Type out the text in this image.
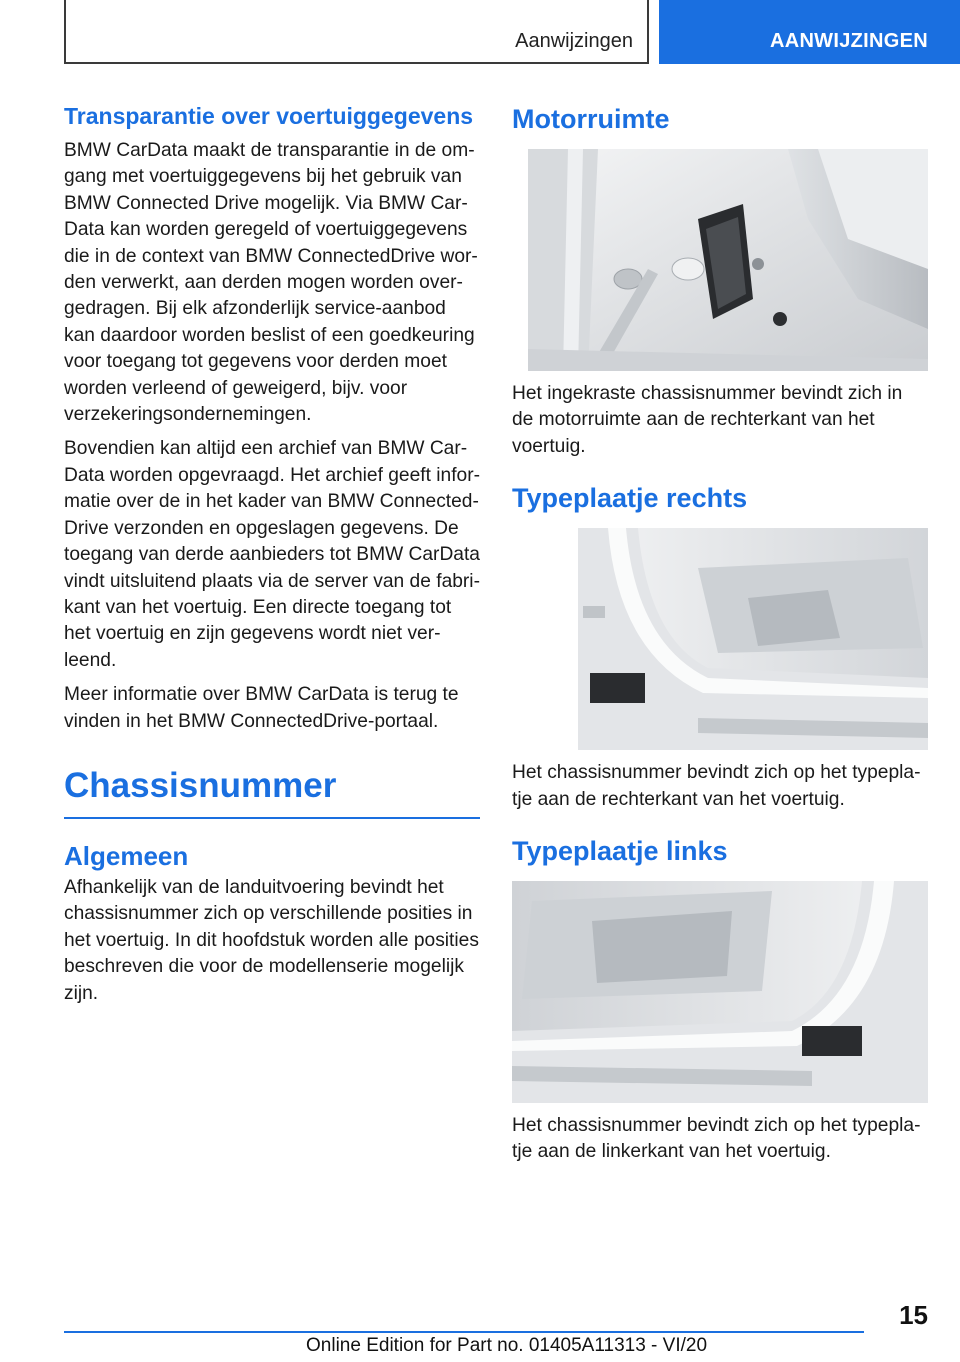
Aanwijzingen	AANWIJZINGEN
Transparantie over voertuiggegevens

BMW CarData maakt de transparantie in de omgang met voertuiggegevens bij het gebruik van BMW Connected Drive mogelijk. Via BMW CarData kan worden geregeld of voertuiggegevens die in de context van BMW ConnectedDrive worden verwerkt, aan derden mogen worden overgedragen. Bij elk afzonderlijk service-aanbod kan daardoor worden beslist of een goedkeuring voor toegang tot gegevens voor derden moet worden verleend of geweigerd, bijv. voor verzekeringsondernemingen.

Bovendien kan altijd een archief van BMW CarData worden opgevraagd. Het archief geeft informatie over de in het kader van BMW ConnectedDrive verzonden en opgeslagen gegevens. De toegang van derde aanbieders tot BMW CarData vindt uitsluitend plaats via de server van de fabrikant van het voertuig. Een directe toegang tot het voertuig en zijn gegevens wordt niet verleend.

Meer informatie over BMW CarData is terug te vinden in het BMW ConnectedDrive-portaal.

Chassisnummer
Algemeen

Afhankelijk van de landuitvoering bevindt het chassisnummer zich op verschillende posities in het voertuig. In dit hoofdstuk worden alle posities beschreven die voor de modellenserie mogelijk zijn.

Motorruimte

Het ingekraste chassisnummer bevindt zich in de motorruimte aan de rechterkant van het voertuig.

Typeplaatje rechts

Het chassisnummer bevindt zich op het typeplatje aan de rechterkant van het voertuig.

Typeplaatje links

Het chassisnummer bevindt zich op het typeplatje aan de linkerkant van het voertuig.

15
Online Edition for Part no. 01405A11313 - VI/20
